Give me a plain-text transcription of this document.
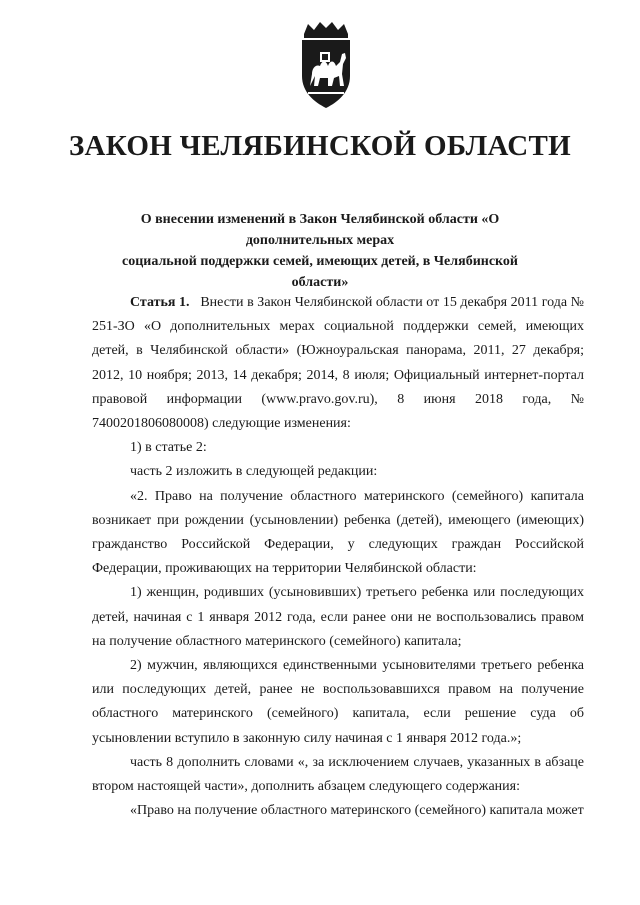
ЗАКОН ЧЕЛЯБИНСКОЙ ОБЛАСТИ
О внесении изменений в Закон Челябинской области «О дополнительных мерах
социальной поддержки семей, имеющих детей, в Челябинской области»

Статья 1. Внести в Закон Челябинской области от 15 декабря 2011 года № 251-ЗО «О дополнительных мерах социальной поддержки семей, имеющих детей, в Челябинской области» (Южноуральская панорама, 2011, 27 декабря; 2012, 10 ноября; 2013, 14 декабря; 2014, 8 июля; Официальный интернет-портал правовой информации (www.pravo.gov.ru), 8 июня 2018 года, № 7400201806080008) следующие изменения:

1) в статье 2:

часть 2 изложить в следующей редакции:

«2. Право на получение областного материнского (семейного) капитала возникает при рождении (усыновлении) ребенка (детей), имеющего (имеющих) гражданство Российской Федерации, у следующих граждан Российской Федерации, проживающих на территории Челябинской области:

1) женщин, родивших (усыновивших) третьего ребенка или последующих детей, начиная с 1 января 2012 года, если ранее они не воспользовались правом на получение областного материнского (семейного) капитала;

2) мужчин, являющихся единственными усыновителями третьего ребенка или последующих детей, ранее не воспользовавшихся правом на получение областного материнского (семейного) капитала, если решение суда об усыновлении вступило в законную силу начиная с 1 января 2012 года.»;

часть 8 дополнить словами «, за исключением случаев, указанных в абзаце втором настоящей части», дополнить абзацем следующего содержания:

«Право на получение областного материнского (семейного) капитала может
